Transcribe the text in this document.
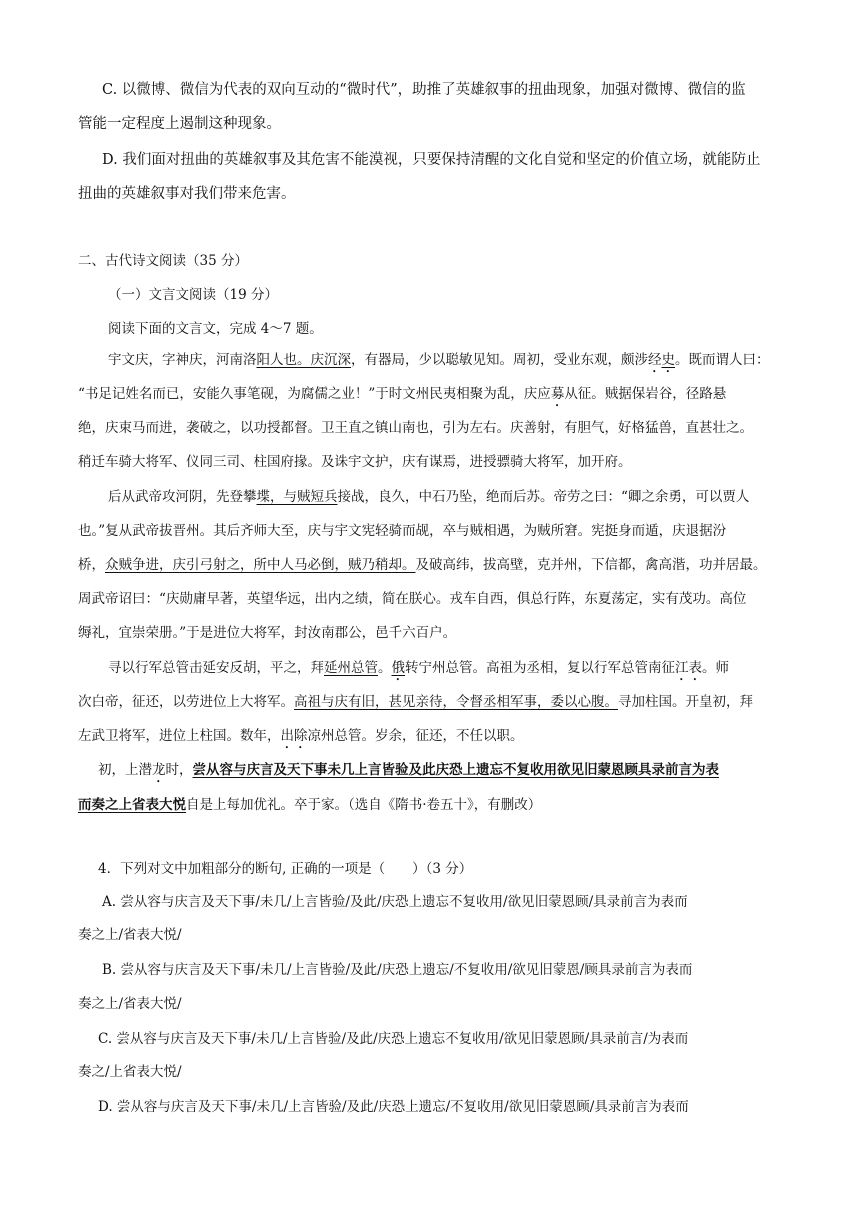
C. 以微博、微信为代表的双向互动的“微时代”，助推了英雄叙事的扭曲现象，加强对微博、微信的监
管能一定程度上遏制这种现象。
D. 我们面对扭曲的英雄叙事及其危害不能漠视，只要保持清醒的文化自觉和坚定的价值立场，就能防止
扭曲的英雄叙事对我们带来危害。
二、古代诗文阅读（35 分）
（一）文言文阅读（19 分）
阅读下面的文言文，完成 4～7 题。
宇文庆，字神庆，河南洛阳人也。庆沉深，有器局，少以聪敏见知。周初，受业东观，颇涉经史。既而谓人曰：
“书足记姓名而已，安能久事笔砚，为腐儒之业！”于时文州民夷相聚为乱，庆应募从征。贼据保岩谷，径路悬
绝，庆束马而进，袭破之，以功授都督。卫王直之镇山南也，引为左右。庆善射，有胆气，好格猛兽，直甚壮之。
稍迁车骑大将军、仪同三司、柱国府掾。及诛宇文护，庆有谋焉，进授骠骑大将军，加开府。
后从武帝攻河阴，先登攀堞，与贼短兵接战，良久，中石乃坠，绝而后苏。帝劳之曰：“卿之余勇，可以贾人
也。”复从武帝拔晋州。其后齐师大至，庆与宇文宪轻骑而觇，卒与贼相遇，为贼所窘。宪挺身而遁，庆退据汾
桥，众贼争进，庆引弓射之，所中人马必倒，贼乃稍却。及破高纬，拔高壁，克并州，下信都，禽高湝，功并居最。
周武帝诏曰：“庆勋庸早著，英望华远，出内之绩，简在朕心。戎车自西，俱总行阵，东夏荡定，实有茂功。高位
缛礼，宜崇荣册。”于是进位大将军，封汝南郡公，邑千六百户。
寻以行军总管击延安反胡，平之，拜延州总管。俄转宁州总管。高祖为丞相，复以行军总管南征江表。师
次白帝，征还，以劳进位上大将军。高祖与庆有旧，甚见亲待，令督丞相军事，委以心腹。寻加柱国。开皇初，拜
左武卫将军，进位上柱国。数年，出除凉州总管。岁余，征还，不任以职。
初，上潜龙时，尝从容与庆言及天下事未几上言皆验及此庆恐上遗忘不复收用欲见旧蒙恩顾具录前言为表
而奏之上省表大悦自是上每加优礼。卒于家。（选自《隋书·卷五十》，有删改）
4．下列对文中加粗部分的断句, 正确的一项是（　　）（3 分）
A. 尝从容与庆言及天下事/未几/上言皆验/及此/庆恐上遗忘不复收用/欲见旧蒙恩顾/具录前言为表而
奏之上/省表大悦/
B. 尝从容与庆言及天下事/未几/上言皆验/及此/庆恐上遗忘/不复收用/欲见旧蒙恩/顾具录前言为表而
奏之上/省表大悦/
C. 尝从容与庆言及天下事/未几/上言皆验/及此/庆恐上遗忘不复收用/欲见旧蒙恩顾/具录前言/为表而
奏之/上省表大悦/
D. 尝从容与庆言及天下事/未几/上言皆验/及此/庆恐上遗忘/不复收用/欲见旧蒙恩顾/具录前言为表而
